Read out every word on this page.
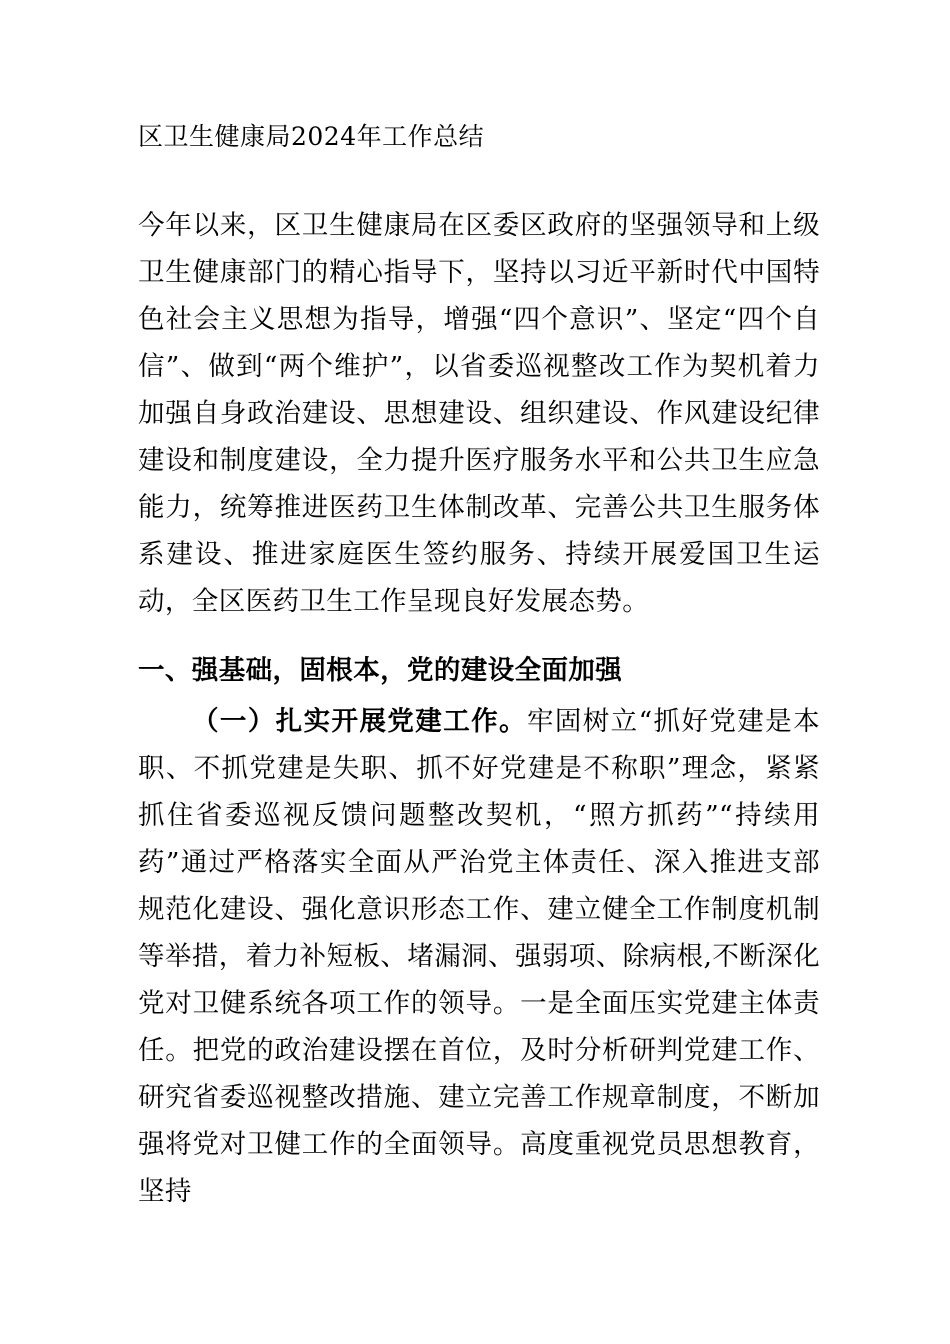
区卫生健康局2024年工作总结

今年以来，区卫生健康局在区委区政府的坚强领导和上级卫生健康部门的精心指导下，坚持以习近平新时代中国特色社会主义思想为指导，增强“四个意识”、坚定“四个自信”、做到“两个维护”，以省委巡视整改工作为契机着力加强自身政治建设、思想建设、组织建设、作风建设纪律建设和制度建设，全力提升医疗服务水平和公共卫生应急能力，统筹推进医药卫生体制改革、完善公共卫生服务体系建设、推进家庭医生签约服务、持续开展爱国卫生运动，全区医药卫生工作呈现良好发展态势。

一、强基础，固根本，党的建设全面加强

（一）扎实开展党建工作。牢固树立“抓好党建是本职、不抓党建是失职、抓不好党建是不称职”理念，紧紧抓住省委巡视反馈问题整改契机，“照方抓药”“持续用药”通过严格落实全面从严治党主体责任、深入推进支部规范化建设、强化意识形态工作、建立健全工作制度机制等举措，着力补短板、堵漏洞、强弱项、除病根,不断深化党对卫健系统各项工作的领导。一是全面压实党建主体责任。把党的政治建设摆在首位，及时分析研判党建工作、研究省委巡视整改措施、建立完善工作规章制度，不断加强将党对卫健工作的全面领导。高度重视党员思想教育，坚持
